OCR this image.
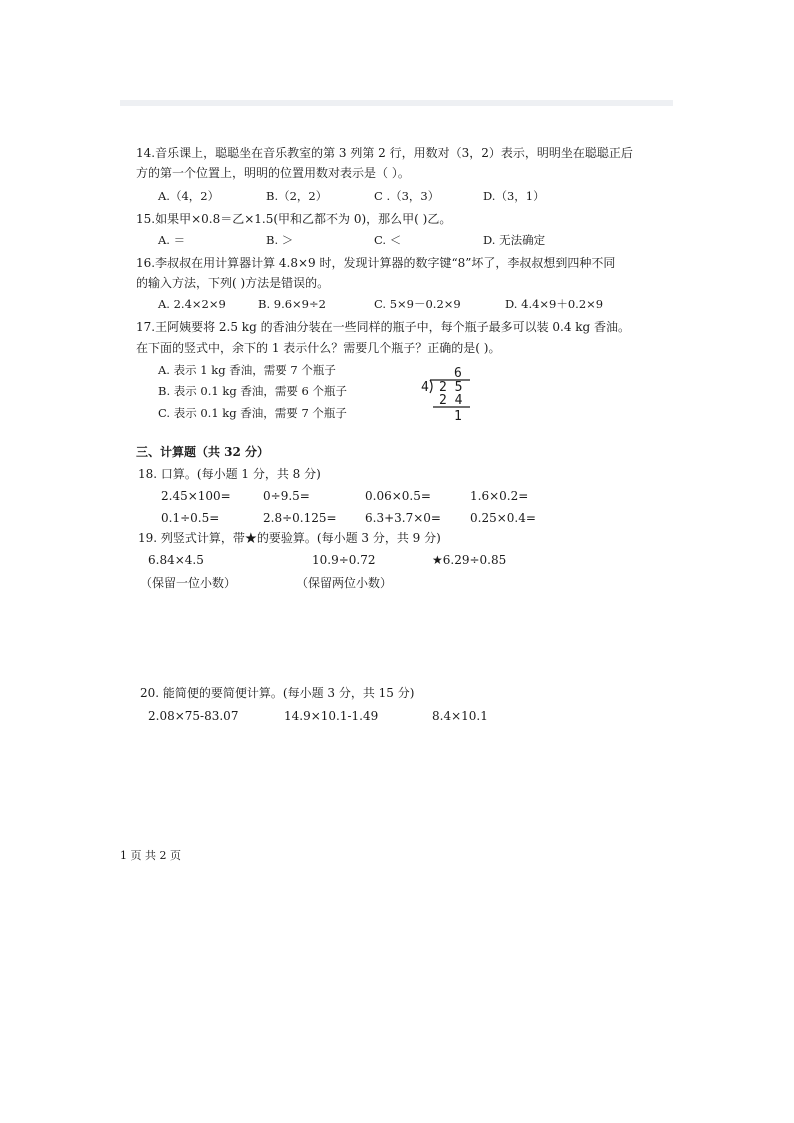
14.音乐课上，聪聪坐在音乐教室的第 3 列第 2 行，用数对（3，2）表示，明明坐在聪聪正后
方的第一个位置上，明明的位置用数对表示是（ ）。
A.（4，2）	B.（2，2）	C .（3，3）	D.（3，1）
15.如果甲×0.8＝乙×1.5(甲和乙都不为 0)，那么甲( )乙。
A. ＝	B. ＞	C. ＜	D. 无法确定
16.李叔叔在用计算器计算 4.8×9 时，发现计算器的数字键“8”坏了，李叔叔想到四种不同
的输入方法，下列( )方法是错误的。
A. 2.4×2×9	B. 9.6×9÷2	C. 5×9－0.2×9	D. 4.4×9＋0.2×9
17.王阿姨要将 2.5 kg 的香油分装在一些同样的瓶子中，每个瓶子最多可以装 0.4 kg 香油。
在下面的竖式中，余下的 1 表示什么？需要几个瓶子？正确的是( )。
A. 表示 1 kg 香油，需要 7 个瓶子
B. 表示 0.1 kg 香油，需要 6 个瓶子
C. 表示 0.1 kg 香油，需要 7 个瓶子
6
4 2 5
2 4
1
三、计算题（共 32 分）
18. 口算。(每小题 1 分，共 8 分)
2.45×100=	0÷9.5=	0.06×0.5=	1.6×0.2=
0.1÷0.5=	2.8÷0.125= 6.3+3.7×0= 0.25×0.4=
19. 列竖式计算，带★的要验算。(每小题 3 分，共 9 分)
6.84×4.5	10.9÷0.72	★6.29÷0.85
（保留一位小数）	（保留两位小数）
20. 能简便的要简便计算。(每小题 3 分，共 15 分)
2.08×75-83.07	14.9×10.1-1.49	8.4×10.1
1 页 共 2 页
